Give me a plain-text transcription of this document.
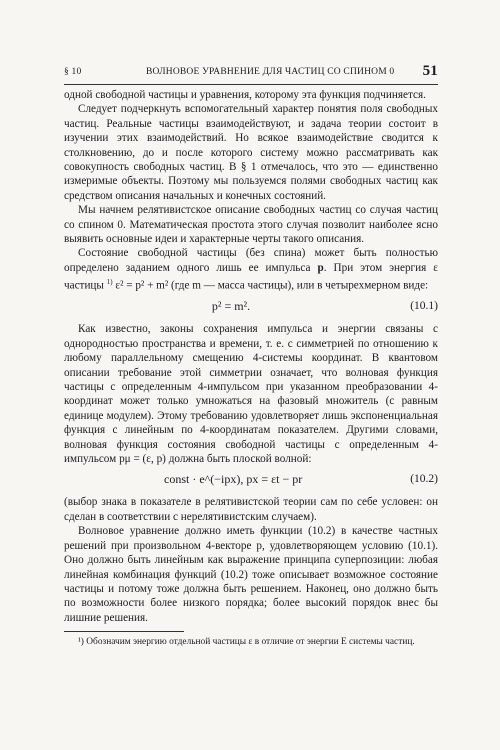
§ 10	ВОЛНОВОЕ УРАВНЕНИЕ ДЛЯ ЧАСТИЦ СО СПИНОМ 0 51

одной свободной частицы и уравнения, которому эта функция подчиняется.

Следует подчеркнуть вспомогательный характер понятия поля свободных частиц. Реальные частицы взаимодействуют, и задача теории состоит в изучении этих взаимодействий. Но всякое взаимодействие сводится к столкновению, до и после которого систему можно рассматривать как совокупность свободных частиц. В § 1 отмечалось, что это — единственно измеримые объекты. Поэтому мы пользуемся полями свободных частиц как средством описания начальных и конечных состояний.

Мы начнем релятивистское описание свободных частиц со случая частиц со спином 0. Математическая простота этого случая позволит наиболее ясно выявить основные идеи и характерные черты такого описания.

Состояние свободной частицы (без спина) может быть полностью определено заданием одного лишь ее импульса p. При этом энергия ε частицы $^{1)}$ ε² = p² + m² (где m — масса частицы), или в четырехмерном виде:

p² = m².	(10.1)

Как известно, законы сохранения импульса и энергии связаны с однородностью пространства и времени, т. е. с симметрией по отношению к любому параллельному смещению 4-системы координат. В квантовом описании требование этой симметрии означает, что волновая функция частицы с определенным 4-импульсом при указанном преобразовании 4-координат может только умножаться на фазовый множитель (с равным единице модулем). Этому требованию удовлетворяет лишь экспоненциальная функция с линейным по 4-координатам показателем. Другими словами, волновая функция состояния свободной частицы с определенным 4-импульсом pμ = (ε, p) должна быть плоской волной:

const · e^(−ipx), px = εt − pr	(10.2)

(выбор знака в показателе в релятивистской теории сам по себе условен: он сделан в соответствии с нерелятивистским случаем).

Волновое уравнение должно иметь функции (10.2) в качестве частных решений при произвольном 4-векторе p, удовлетворяющем условию (10.1). Оно должно быть линейным как выражение принципа суперпозиции: любая линейная комбинация функций (10.2) тоже описывает возможное состояние частицы и потому тоже должна быть решением. Наконец, оно должно быть по возможности более низкого порядка; более высокий порядок внес бы лишние решения.

¹) Обозначим энергию отдельной частицы ε в отличие от энергии E системы частиц.
